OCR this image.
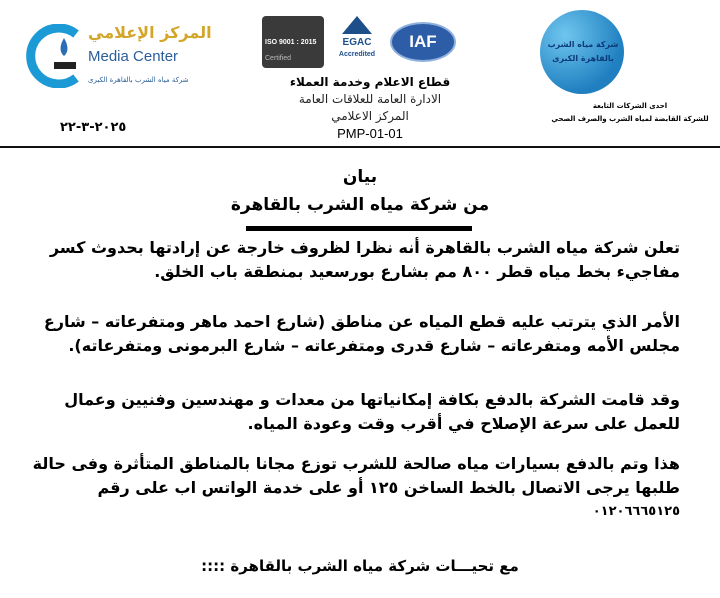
المركز الإعلامي
Media Center
شركة مياه الشرب بالقاهرة الكبرى
٢٠٢٥-٣-٢٢
ISO 9001 : 2015
Certified
EGAC
Accredited
IAF
قطاع الاعلام وخدمة العملاء
الادارة العامة للعلاقات العامة
المركز الاعلامي
PMP-01-01
شركة مياه الشرب بالقاهرة الكبرى
احدى الشركات التابعة
للشركة القابضة لمياه الشرب والصرف الصحي
بيان
من شركة مياه الشرب بالقاهرة
تعلن شركة مياه الشرب بالقاهرة أنه نظرا لظروف خارجة عن إرادتها بحدوث كسر
مفاجيء بخط مياه قطر ٨٠٠ مم بشارع بورسعيد بمنطقة باب الخلق.
الأمر الذي يترتب عليه قطع المياه عن مناطق (شارع احمد ماهر ومتفرعاته – شارع
مجلس الأمه ومتفرعاته – شارع قدرى ومتفرعاته – شارع البرمونى ومتفرعاته).
وقد قامت الشركة بالدفع بكافة إمكانياتها من معدات و مهندسين وفنيين وعمال
للعمل على سرعة الإصلاح في أقرب وقت وعودة المياه.
هذا وتم بالدفع بسيارات مياه صالحة للشرب توزع مجانا بالمناطق المتأثرة وفى حالة
طلبها يرجى الاتصال بالخط الساخن ١٢٥ أو على خدمة الواتس اب على رقم
٠١٢٠٦٦٦٥١٢٥
مع تحيـــات شركة مياه الشرب بالقاهرة ::::
